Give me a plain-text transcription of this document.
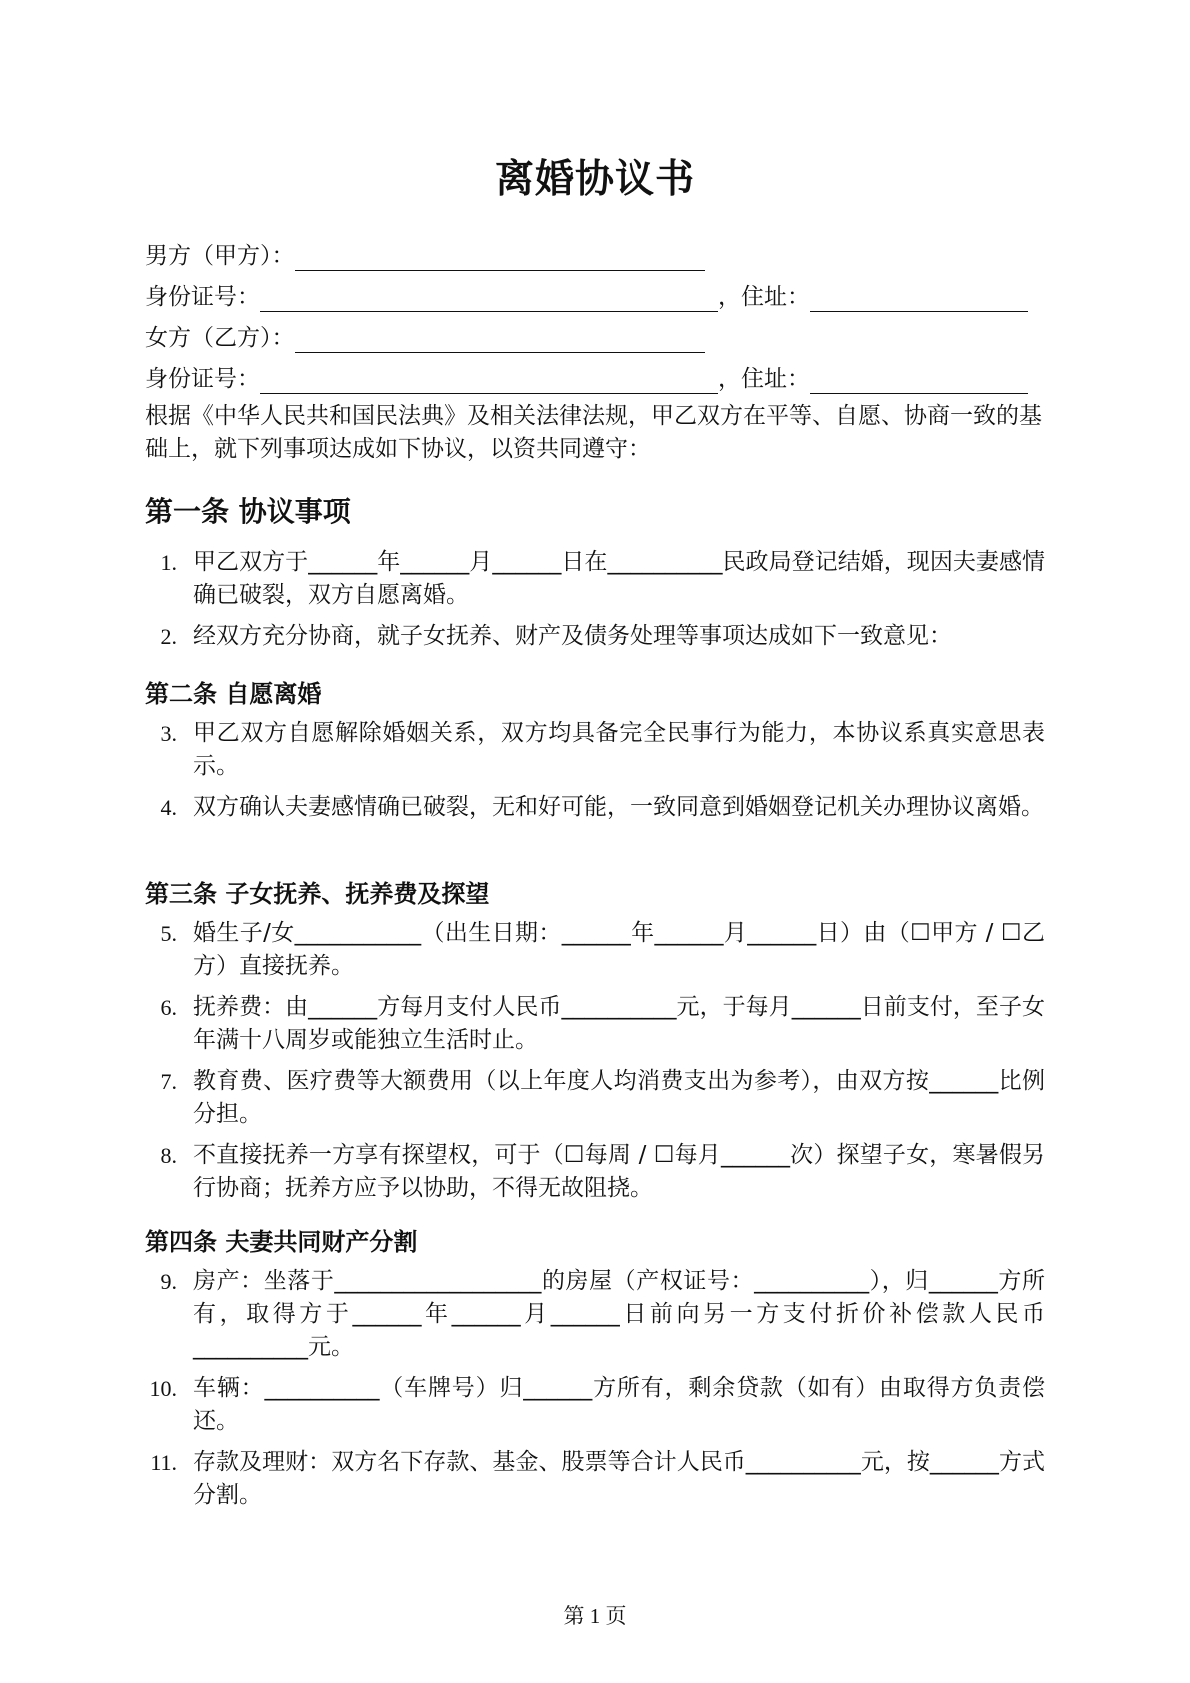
离婚协议书
男方（甲方）：
身份证号：	，住址：
女方（乙方）：
身份证号：	，住址：

根据《中华人民共和国民法典》及相关法律法规，甲乙双方在平等、自愿、协商一致的基础上，就下列事项达成如下协议，以资共同遵守：

第一条 协议事项
1. 甲乙双方于______年______月______日在__________民政局登记结婚，现因夫妻感情确已破裂，双方自愿离婚。
2. 经双方充分协商，就子女抚养、财产及债务处理等事项达成如下一致意见：
第二条 自愿离婚
3. 甲乙双方自愿解除婚姻关系，双方均具备完全民事行为能力，本协议系真实意思表示。
4. 双方确认夫妻感情确已破裂，无和好可能，一致同意到婚姻登记机关办理协议离婚。
第三条 子女抚养、抚养费及探望
5. 婚生子/女___________（出生日期：______年______月______日）由（☐甲方 / ☐乙方）直接抚养。
6. 抚养费：由______方每月支付人民币__________元，于每月______日前支付，至子女年满十八周岁或能独立生活时止。
7. 教育费、医疗费等大额费用（以上年度人均消费支出为参考），由双方按______比例分担。
8. 不直接抚养一方享有探望权，可于（☐每周 / ☐每月______次）探望子女，寒暑假另行协商；抚养方应予以协助，不得无故阻挠。
第四条 夫妻共同财产分割
9. 房产：坐落于__________________的房屋（产权证号：__________），归______方所有，取得方于______年______月______日前向另一方支付折价补偿款人民币__________元。
10. 车辆：__________（车牌号）归______方所有，剩余贷款（如有）由取得方负责偿还。
11. 存款及理财：双方名下存款、基金、股票等合计人民币__________元，按______方式分割。
第 1 页
